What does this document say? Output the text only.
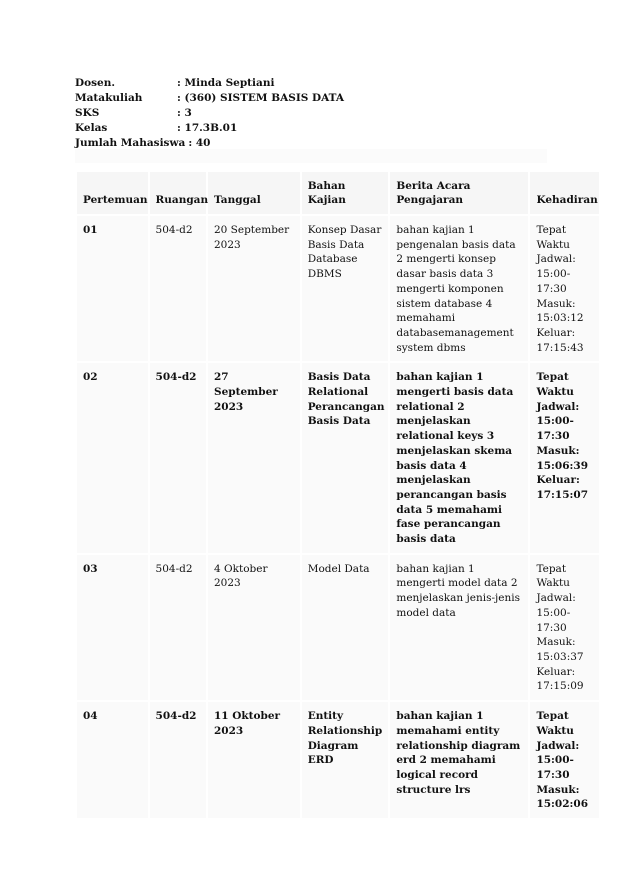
Dosen.	: Minda Septiani
Matakuliah	: (360) SISTEM BASIS DATA
SKS	: 3
Kelas	: 17.3B.01
Jumlah Mahasiswa : 40
Pertemuan	Ruangan	Tanggal	Bahan Kajian	Berita Acara Pengajaran	Kehadiran
01	504-d2	20 September 2023	Konsep Dasar Basis Data Database DBMS	bahan kajian 1 pengenalan basis data 2 mengerti konsep dasar basis data 3 mengerti komponen sistem database 4 memahami databasemanagement system dbms	Tepat Waktu Jadwal: 15:00-17:30 Masuk: 15:03:12 Keluar: 17:15:43
02	504-d2	27 September 2023	Basis Data Relational Perancangan Basis Data	bahan kajian 1 mengerti basis data relational 2 menjelaskan relational keys 3 menjelaskan skema basis data 4 menjelaskan perancangan basis data 5 memahami fase perancangan basis data	Tepat Waktu Jadwal: 15:00-17:30 Masuk: 15:06:39 Keluar: 17:15:07
03	504-d2	4 Oktober 2023	Model Data	bahan kajian 1 mengerti model data 2 menjelaskan jenis-jenis model data	Tepat Waktu Jadwal: 15:00-17:30 Masuk: 15:03:37 Keluar: 17:15:09
04	504-d2	11 Oktober 2023	Entity Relationship Diagram ERD	bahan kajian 1 memahami entity relationship diagram erd 2 memahami logical record structure lrs	Tepat Waktu Jadwal: 15:00-17:30 Masuk: 15:02:06
